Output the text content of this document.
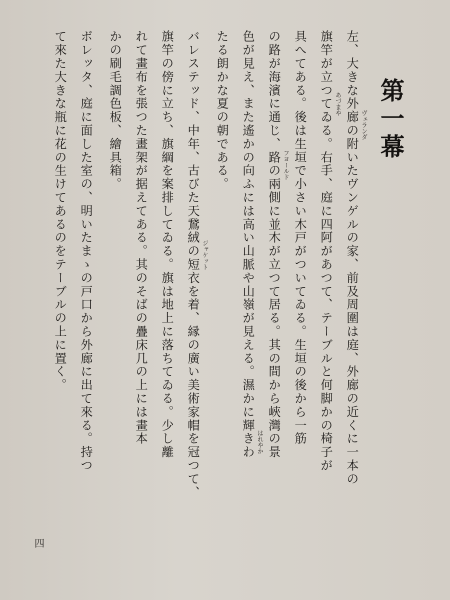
第一幕
左、大きな外廊の附いたヴンゲルの家、前及周圍は庭、外廊の近くに一本の
旗竿が立つてゐる。右手、庭に四阿があつて、テーブルと何脚かの椅子が
具へてある。後は生垣で小さい木戸がついてゐる。生垣の後から一筋
の路が海濱に通じ、路の兩側に並木が立つて居る。其の間から峽灣の景
色が見え、また遙かの向ふには高い山脈や山嶺が見える。濕かに輝きわ
たる朗かな夏の朝である。
バレステッド、中年、古びた天鵞絨の短衣を着、縁の廣い美術家帽を冠つて、
旗竿の傍に立ち、旗綱を案排してゐる。旗は地上に落ちてゐる。少し離
れて畫布を張つた畫架が据えてある。其のそばの疊床几の上には畫本
かの刷毛調色板、繪具箱。
ボレッタ、庭に面した室の、明いたまゝの戸口から外廊に出て來る。持つ
て來た大きな瓶に花の生けてあるのをテーブルの上に置く。
四
ヴェランダ
あづまや
フヨールド
はれやか
ジャケット
